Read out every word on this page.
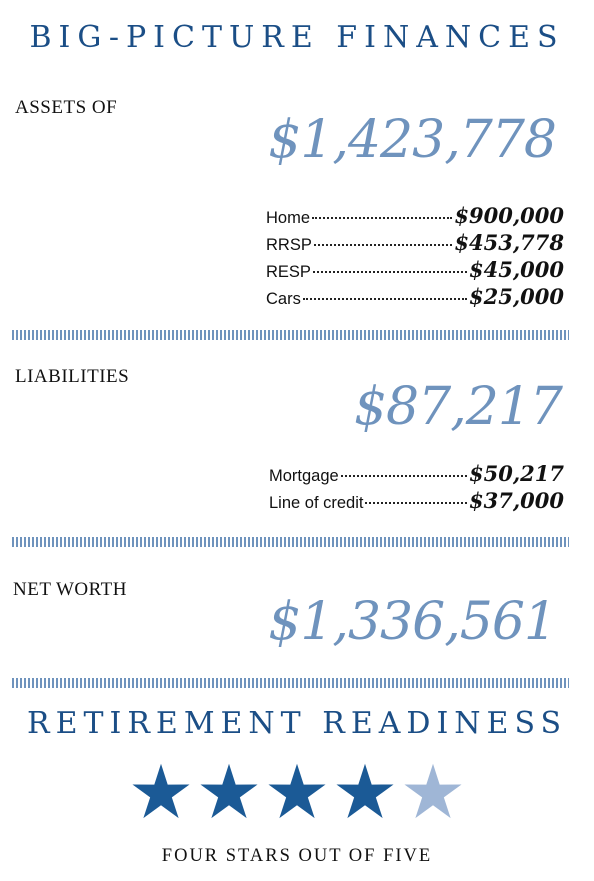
BIG-PICTURE FINANCES
ASSETS OF
$1,423,778
Home	$900,000
RRSP	$453,778
RESP	$45,000
Cars	$25,000
LIABILITIES
$87,217
Mortgage	$50,217
Line of credit	$37,000
NET WORTH
$1,336,561
RETIREMENT READINESS
FOUR STARS OUT OF FIVE
